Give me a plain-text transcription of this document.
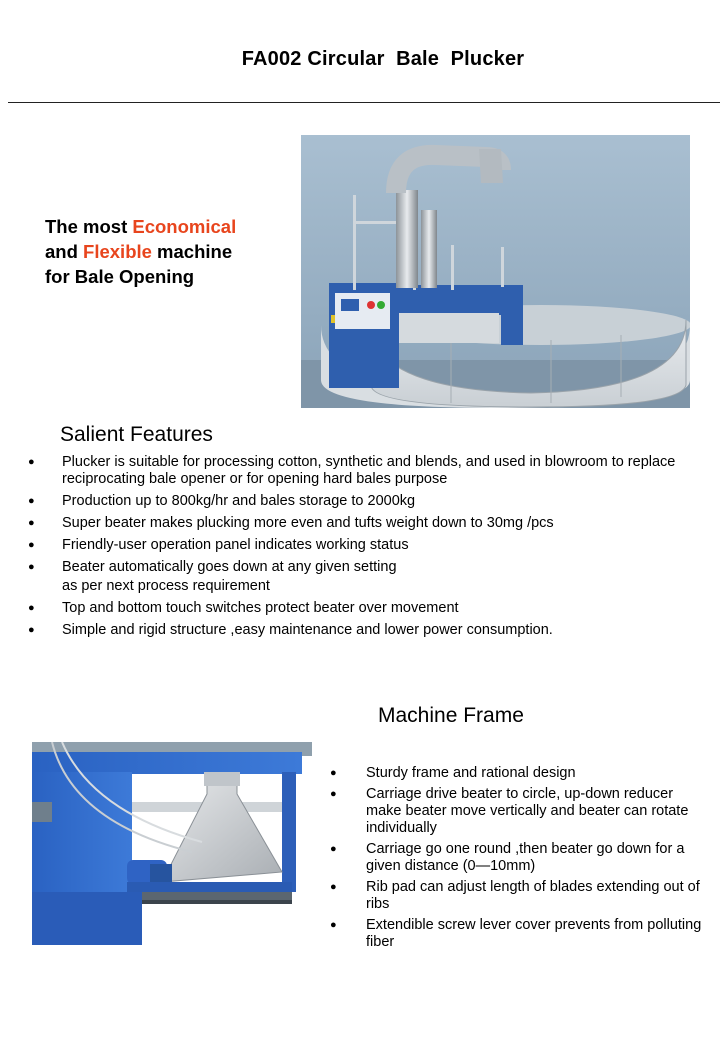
FA002 Circular  Bale  Plucker
The most Economical
and Flexible machine
for Bale Opening
Salient Features
● Plucker is suitable for processing cotton, synthetic and blends, and used in blowroom to replace reciprocating bale opener or for opening hard bales purpose
● Production up to 800kg/hr and bales storage to 2000kg
● Super beater makes plucking more even and tufts weight down to 30mg /pcs
● Friendly-user operation panel indicates working status
● Beater automatically goes down at any given setting
as per next process requirement
● Top and bottom touch switches protect beater over movement
● Simple and rigid structure ,easy maintenance and lower power consumption.
Machine Frame
● Sturdy frame and rational design
● Carriage drive beater to circle, up-down reducer make beater move vertically and beater can rotate individually
● Carriage go one round ,then beater go down for a given distance (0—10mm)
● Rib pad can adjust length of blades extending out of ribs
● Extendible screw lever cover prevents from polluting fiber
